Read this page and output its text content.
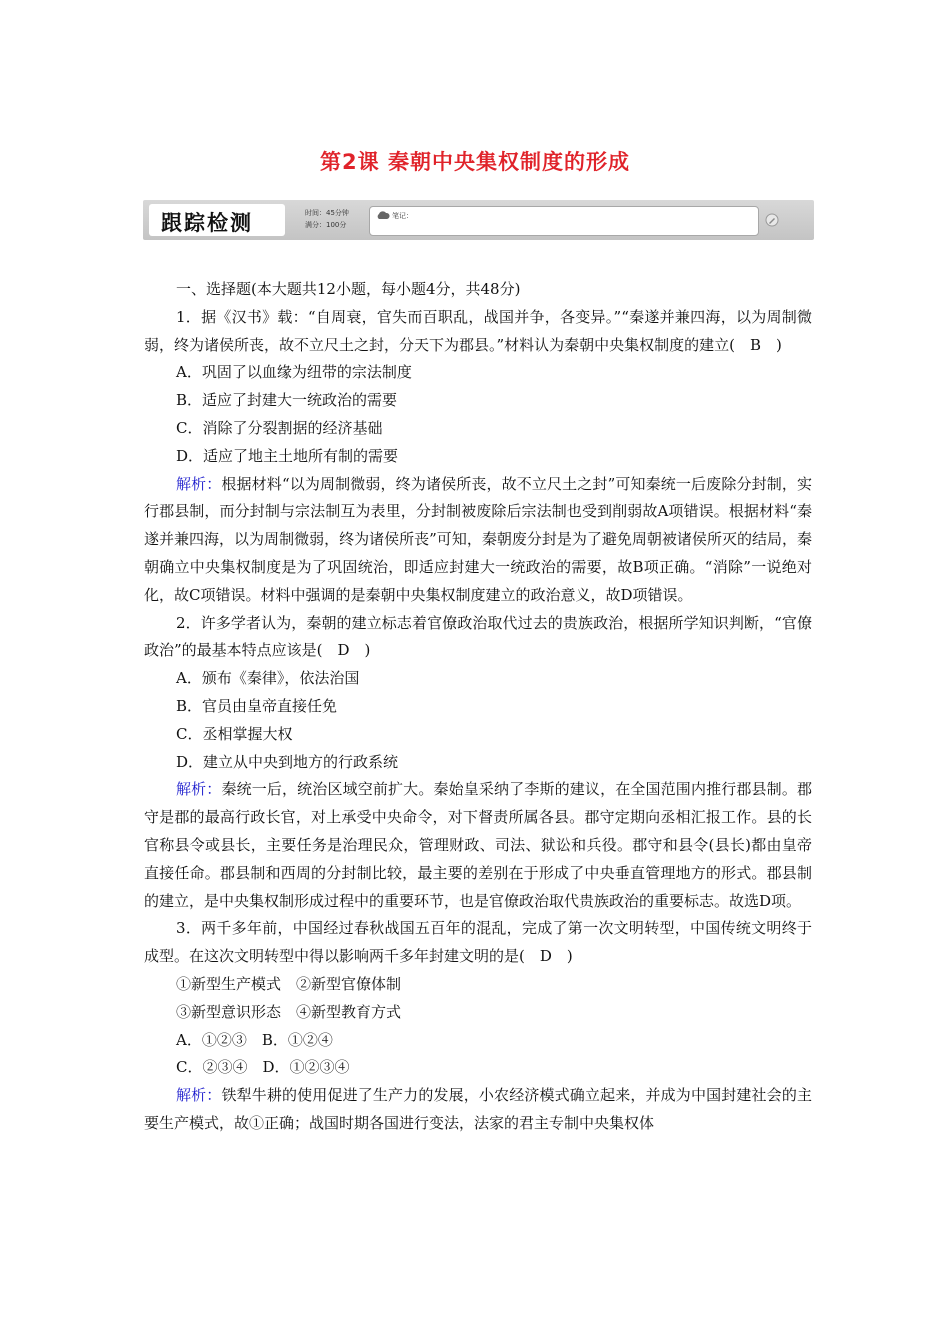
第2课 秦朝中央集权制度的形成
跟踪检测	时间：45分钟
满分：100分
笔记：

一、选择题(本大题共12小题，每小题4分，共48分)

1．据《汉书》载：“自周衰，官失而百职乱，战国并争，各变异。”“秦遂并兼四海，以为周制微弱，终为诸侯所丧，故不立尺土之封，分天下为郡县。”材料认为秦朝中央集权制度的建立(　B　)

A．巩固了以血缘为纽带的宗法制度

B．适应了封建大一统政治的需要

C．消除了分裂割据的经济基础

D．适应了地主土地所有制的需要

解析：根据材料“以为周制微弱，终为诸侯所丧，故不立尺土之封”可知秦统一后废除分封制，实行郡县制，而分封制与宗法制互为表里，分封制被废除后宗法制也受到削弱故A项错误。根据材料“秦遂并兼四海，以为周制微弱，终为诸侯所丧”可知，秦朝废分封是为了避免周朝被诸侯所灭的结局，秦朝确立中央集权制度是为了巩固统治，即适应封建大一统政治的需要，故B项正确。“消除”一说绝对化，故C项错误。材料中强调的是秦朝中央集权制度建立的政治意义，故D项错误。

2．许多学者认为，秦朝的建立标志着官僚政治取代过去的贵族政治，根据所学知识判断，“官僚政治”的最基本特点应该是(　D　)

A．颁布《秦律》，依法治国

B．官员由皇帝直接任免

C．丞相掌握大权

D．建立从中央到地方的行政系统

解析：秦统一后，统治区域空前扩大。秦始皇采纳了李斯的建议，在全国范围内推行郡县制。郡守是郡的最高行政长官，对上承受中央命令，对下督责所属各县。郡守定期向丞相汇报工作。县的长官称县令或县长，主要任务是治理民众，管理财政、司法、狱讼和兵役。郡守和县令(县长)都由皇帝直接任命。郡县制和西周的分封制比较，最主要的差别在于形成了中央垂直管理地方的形式。郡县制的建立，是中央集权制形成过程中的重要环节，也是官僚政治取代贵族政治的重要标志。故选D项。

3．两千多年前，中国经过春秋战国五百年的混乱，完成了第一次文明转型，中国传统文明终于成型。在这次文明转型中得以影响两千多年封建文明的是(　D　)

①新型生产模式　②新型官僚体制

③新型意识形态　④新型教育方式

A．①②③　B．①②④

C．②③④　D．①②③④

解析：铁犁牛耕的使用促进了生产力的发展，小农经济模式确立起来，并成为中国封建社会的主要生产模式，故①正确；战国时期各国进行变法，法家的君主专制中央集权体
